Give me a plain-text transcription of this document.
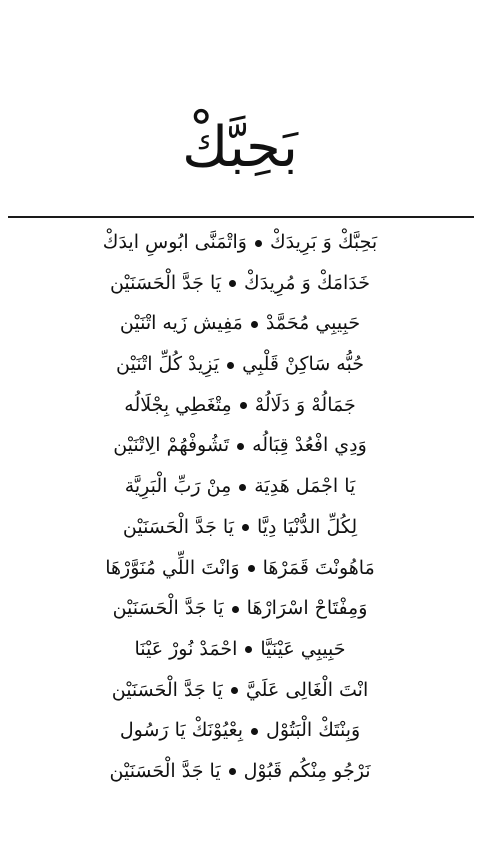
بَحِبَّكْ
بَحِبَّكْ وَ بَرِيدَكْوَاتْمَنَّى ابُوسِ ايدَكْ
خَدَامَكْ وَ مُرِيدَكْيَا جَدَّ الْحَسَنَيْن
حَبِيبِي مُحَمَّدْمَفِيش زَيه اتْنَيْن
حُبُّه سَاكِنْ قَلْبِييَزِيدْ كُلِّ اتْنَيْن
جَمَالُهْ وَ دَلَالُهْمِتْغَطِي بِجْلَالُه
وَدِي افْعُدْ قِبَالُهتَشُوفْهُمْ الِاتْنَيْن
يَا اجْمَل هَدِيَةمِنْ رَبِّ الْبَرِيَّة
لِكُلِّ الدُّنْيَا دِيَّايَا جَدَّ الْحَسَنَيْن
مَاهُونْتَ قَمَرْهَاوَانْتَ اللِّي مُنَوَّرْهَا
وَمِفْتَاحْ اسْرَارْهَايَا جَدَّ الْحَسَنَيْن
حَبِيبِي عَيْنَيَّااحْمَدْ نُورْ عَيْنَا
انْتَ الْغَالِى عَلَيَّيَا جَدَّ الْحَسَنَيْن
وَبِنْتَكْ الْبَتُوْلبِعْيُوْنَكْ يَا رَسُول
نَرْجُو مِنْكُم قَبُوْليَا جَدَّ الْحَسَنَيْن
